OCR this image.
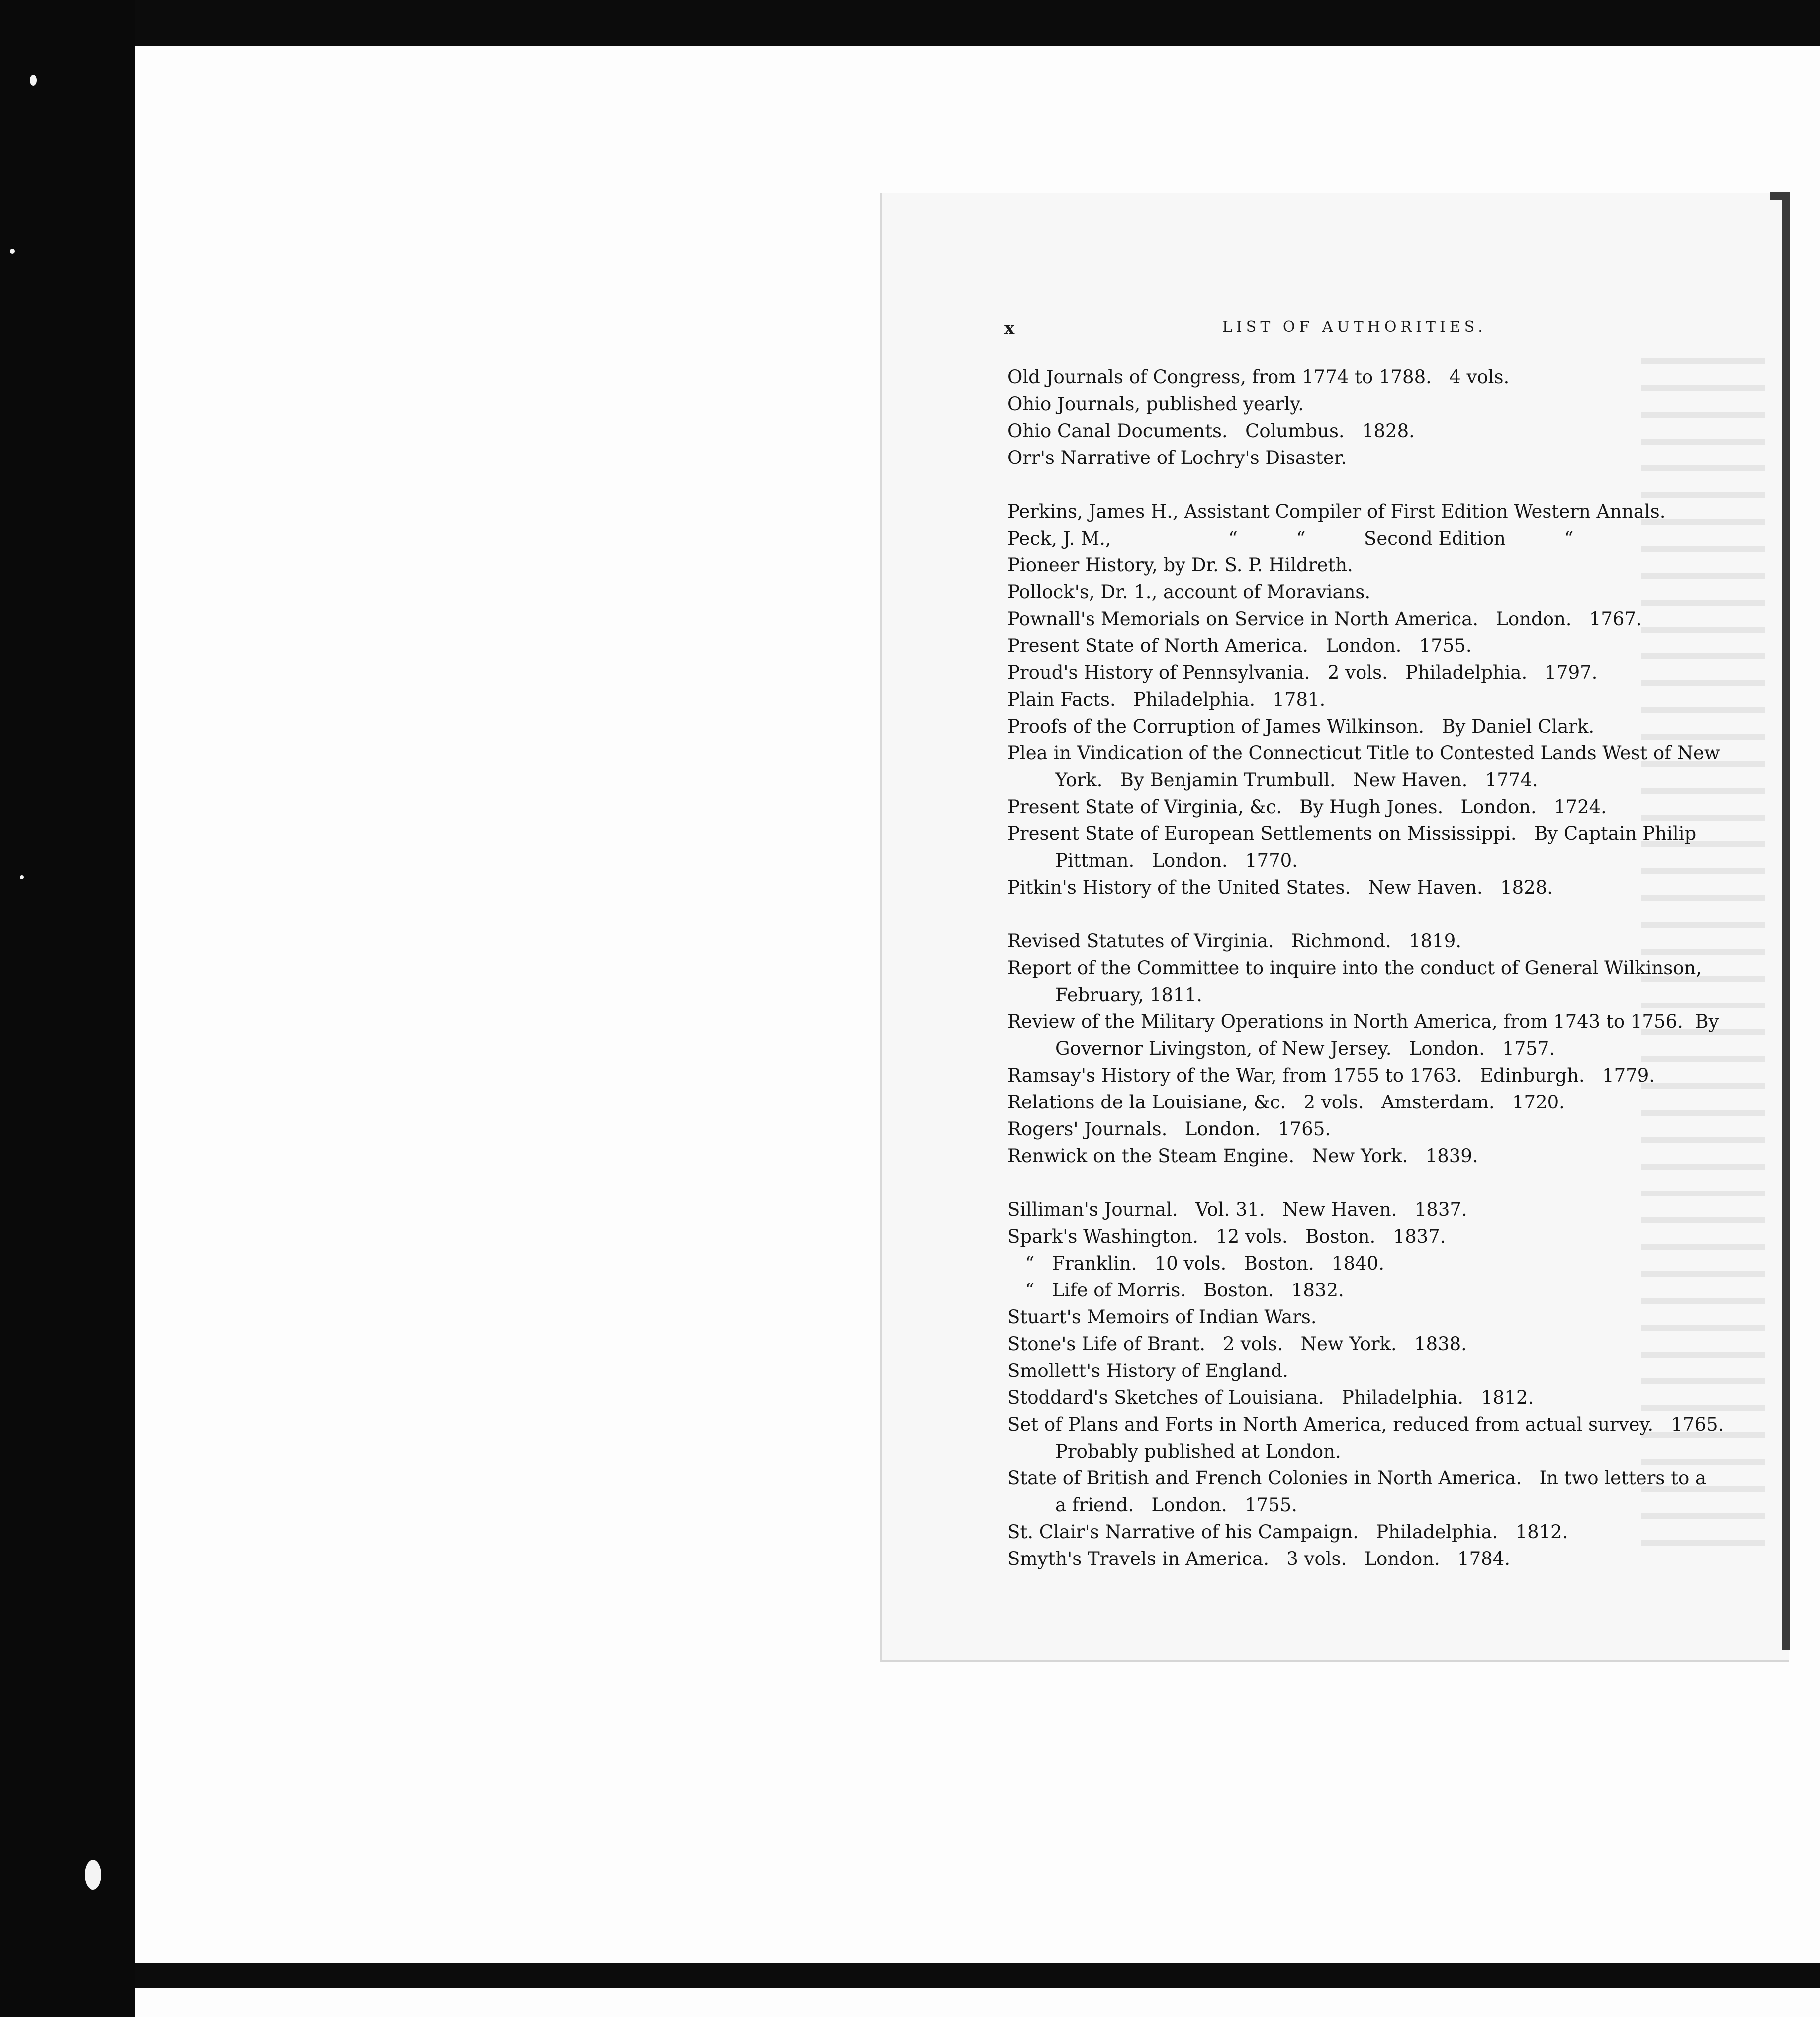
x	LIST OF AUTHORITIES.
Old Journals of Congress, from 1774 to 1788.   4 vols.
Ohio Journals, published yearly.
Ohio Canal Documents.   Columbus.   1828.
Orr's Narrative of Lochry's Disaster.
Perkins, James H., Assistant Compiler of First Edition Western Annals.
Peck, J. M.,                    “          “          Second Edition          “
Pioneer History, by Dr. S. P. Hildreth.
Pollock's, Dr. 1., account of Moravians.
Pownall's Memorials on Service in North America.   London.   1767.
Present State of North America.   London.   1755.
Proud's History of Pennsylvania.   2 vols.   Philadelphia.   1797.
Plain Facts.   Philadelphia.   1781.
Proofs of the Corruption of James Wilkinson.   By Daniel Clark.
Plea in Vindication of the Connecticut Title to Contested Lands West of New
York.   By Benjamin Trumbull.   New Haven.   1774.
Present State of Virginia, &c.   By Hugh Jones.   London.   1724.
Present State of European Settlements on Mississippi.   By Captain Philip
Pittman.   London.   1770.
Pitkin's History of the United States.   New Haven.   1828.
Revised Statutes of Virginia.   Richmond.   1819.
Report of the Committee to inquire into the conduct of General Wilkinson,
February, 1811.
Review of the Military Operations in North America, from 1743 to 1756.  By
Governor Livingston, of New Jersey.   London.   1757.
Ramsay's History of the War, from 1755 to 1763.   Edinburgh.   1779.
Relations de la Louisiane, &c.   2 vols.   Amsterdam.   1720.
Rogers' Journals.   London.   1765.
Renwick on the Steam Engine.   New York.   1839.
Silliman's Journal.   Vol. 31.   New Haven.   1837.
Spark's Washington.   12 vols.   Boston.   1837.
“   Franklin.   10 vols.   Boston.   1840.
“   Life of Morris.   Boston.   1832.
Stuart's Memoirs of Indian Wars.
Stone's Life of Brant.   2 vols.   New York.   1838.
Smollett's History of England.
Stoddard's Sketches of Louisiana.   Philadelphia.   1812.
Set of Plans and Forts in North America, reduced from actual survey.   1765.
Probably published at London.
State of British and French Colonies in North America.   In two letters to a
a friend.   London.   1755.
St. Clair's Narrative of his Campaign.   Philadelphia.   1812.
Smyth's Travels in America.   3 vols.   London.   1784.
